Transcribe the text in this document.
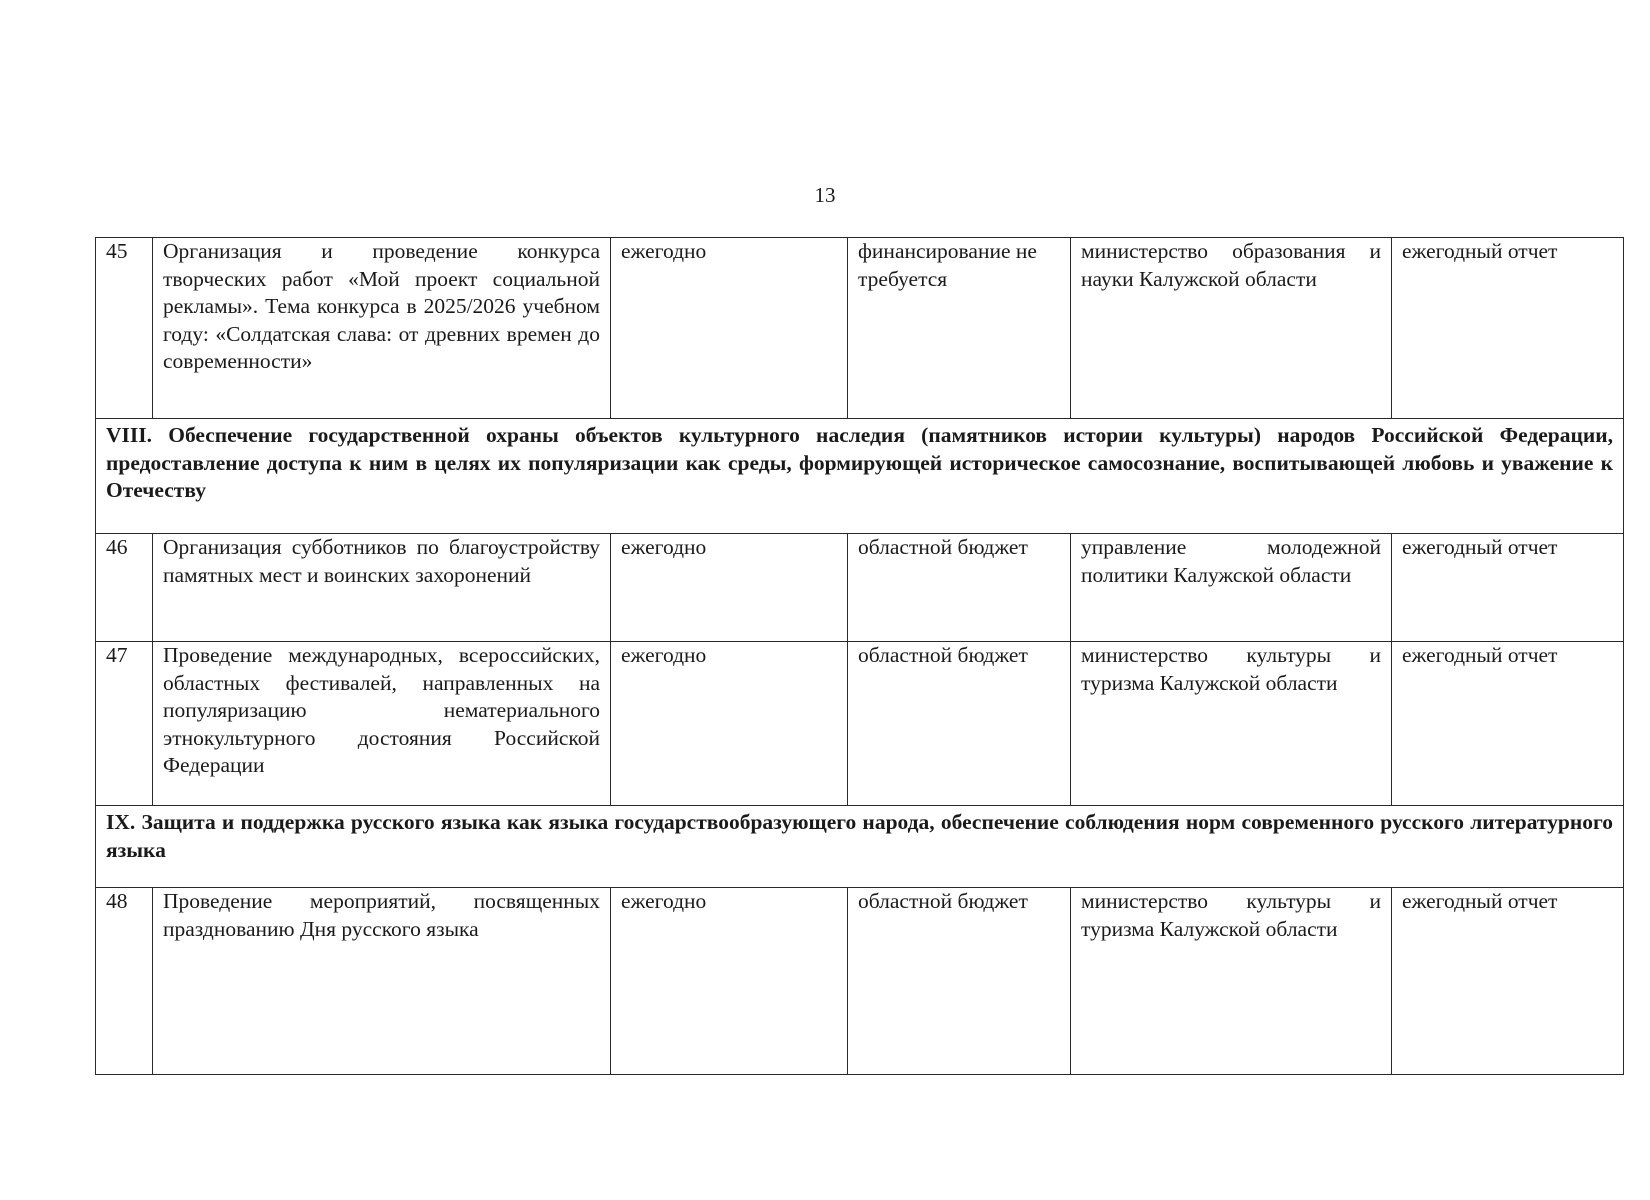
13
45	Организация и проведение конкурса творческих работ «Мой проект социальной рекламы». Тема конкурса в 2025/2026 учебном году: «Солдатская слава: от древних времен до современности»	ежегодно	финансирование не требуется	министерство образования и науки Калужской области	ежегодный отчет
VIII. Обеспечение государственной охраны объектов культурного наследия (памятников истории культуры) народов Российской Федерации, предоставление доступа к ним в целях их популяризации как среды, формирующей историческое самосознание, воспитывающей любовь и уважение к Отечеству					
46	Организация субботников по благоустройству памятных мест и воинских захоронений	ежегодно	областной бюджет	управление молодежной политики Калужской области	ежегодный отчет
47	Проведение международных, всероссийских, областных фестивалей, направленных на популяризацию нематериального этнокультурного достояния Российской Федерации	ежегодно	областной бюджет	министерство культуры и туризма Калужской области	ежегодный отчет
IX. Защита и поддержка русского языка как языка государствообразующего народа, обеспечение соблюдения норм современного русского литературного языка					
48	Проведение мероприятий, посвященных празднованию Дня русского языка	ежегодно	областной бюджет	министерство культуры и туризма Калужской области	ежегодный отчет
